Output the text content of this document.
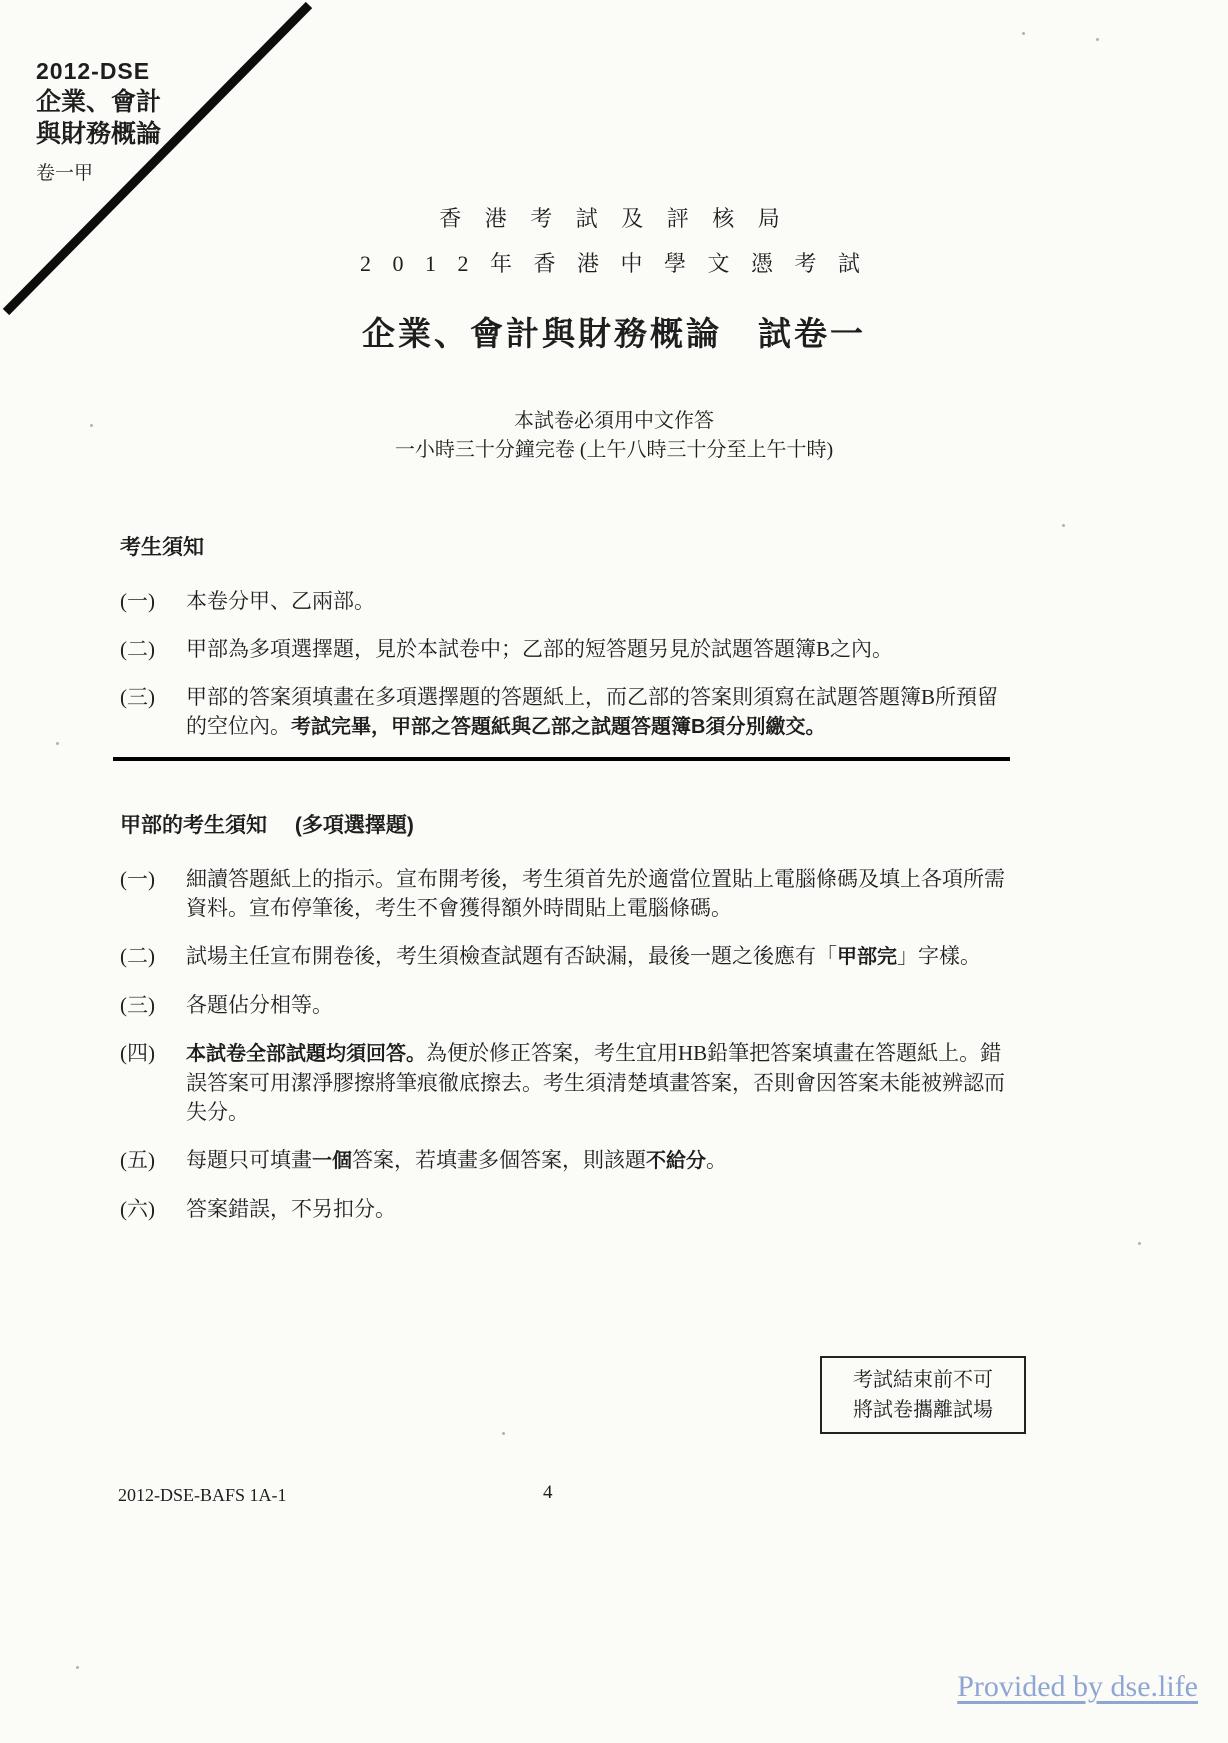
2012-DSE
企業、會計
與財務概論
卷一甲
香 港 考 試 及 評 核 局
2 0 1 2 年 香 港 中 學 文 憑 考 試
企業、會計與財務概論　試卷一
本試卷必須用中文作答
一小時三十分鐘完卷 (上午八時三十分至上午十時)
考生須知
(一)	本卷分甲、乙兩部。
(二)	甲部為多項選擇題，見於本試卷中；乙部的短答題另見於試題答題簿B之內。
(三)	甲部的答案須填畫在多項選擇題的答題紙上，而乙部的答案則須寫在試題答題簿B所預留的空位內。考試完畢，甲部之答題紙與乙部之試題答題簿B須分別繳交。
甲部的考生須知 (多項選擇題)
(一)	細讀答題紙上的指示。宣布開考後，考生須首先於適當位置貼上電腦條碼及填上各項所需資料。宣布停筆後，考生不會獲得額外時間貼上電腦條碼。
(二)	試場主任宣布開卷後，考生須檢查試題有否缺漏，最後一題之後應有「甲部完」字樣。
(三)	各題佔分相等。
(四)	本試卷全部試題均須回答。為便於修正答案，考生宜用HB鉛筆把答案填畫在答題紙上。錯誤答案可用潔淨膠擦將筆痕徹底擦去。考生須清楚填畫答案，否則會因答案未能被辨認而失分。
(五)	每題只可填畫一個答案，若填畫多個答案，則該題不給分。
(六)	答案錯誤，不另扣分。
考試結束前不可
將試卷攜離試場
2012-DSE-BAFS 1A-1	4
Provided by dse.life
